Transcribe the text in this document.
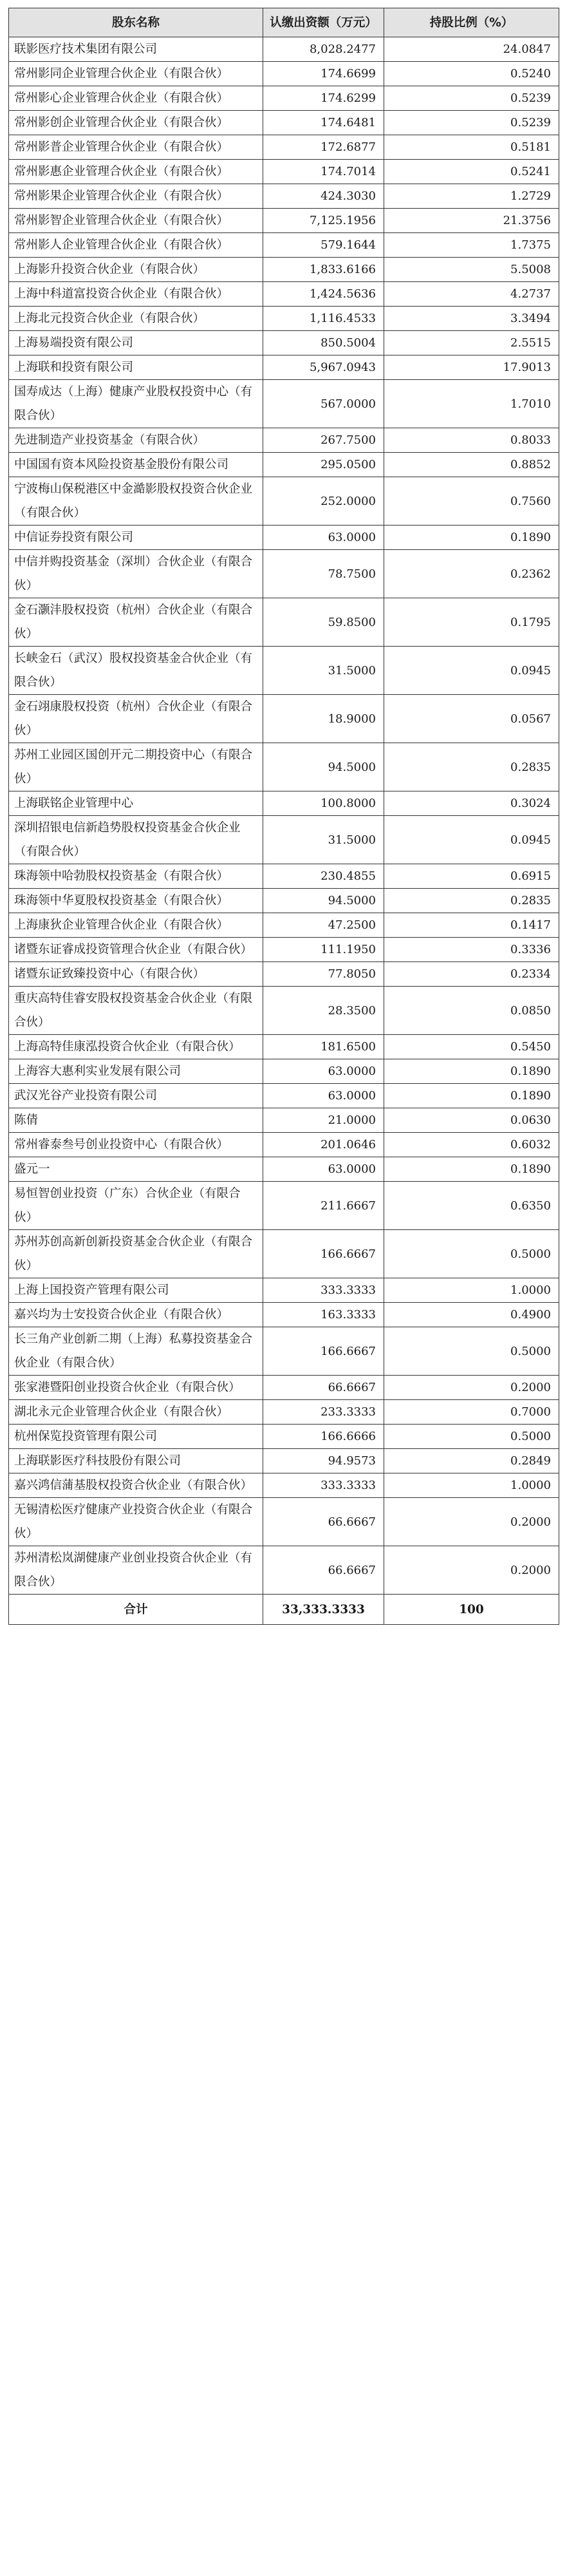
股东名称	认缴出资额（万元）	持股比例（%）
联影医疗技术集团有限公司	8,028.2477	24.0847
常州影同企业管理合伙企业（有限合伙）	174.6699	0.5240
常州影心企业管理合伙企业（有限合伙）	174.6299	0.5239
常州影创企业管理合伙企业（有限合伙）	174.6481	0.5239
常州影普企业管理合伙企业（有限合伙）	172.6877	0.5181
常州影惠企业管理合伙企业（有限合伙）	174.7014	0.5241
常州影果企业管理合伙企业（有限合伙）	424.3030	1.2729
常州影智企业管理合伙企业（有限合伙）	7,125.1956	21.3756
常州影人企业管理合伙企业（有限合伙）	579.1644	1.7375
上海影升投资合伙企业（有限合伙）	1,833.6166	5.5008
上海中科道富投资合伙企业（有限合伙）	1,424.5636	4.2737
上海北元投资合伙企业（有限合伙）	1,116.4533	3.3494
上海易端投资有限公司	850.5004	2.5515
上海联和投资有限公司	5,967.0943	17.9013
国寿成达（上海）健康产业股权投资中心（有限合伙）	567.0000	1.7010
先进制造产业投资基金（有限合伙）	267.7500	0.8033
中国国有资本风险投资基金股份有限公司	295.0500	0.8852
宁波梅山保税港区中金澔影股权投资合伙企业（有限合伙）	252.0000	0.7560
中信证券投资有限公司	63.0000	0.1890
中信并购投资基金（深圳）合伙企业（有限合伙）	78.7500	0.2362
金石灏沣股权投资（杭州）合伙企业（有限合伙）	59.8500	0.1795
长峡金石（武汉）股权投资基金合伙企业（有限合伙）	31.5000	0.0945
金石翊康股权投资（杭州）合伙企业（有限合伙）	18.9000	0.0567
苏州工业园区国创开元二期投资中心（有限合伙）	94.5000	0.2835
上海联铭企业管理中心	100.8000	0.3024
深圳招银电信新趋势股权投资基金合伙企业（有限合伙）	31.5000	0.0945
珠海领中哈勃股权投资基金（有限合伙）	230.4855	0.6915
珠海领中华夏股权投资基金（有限合伙）	94.5000	0.2835
上海康狄企业管理合伙企业（有限合伙）	47.2500	0.1417
诸暨东证睿成投资管理合伙企业（有限合伙）	111.1950	0.3336
诸暨东证致臻投资中心（有限合伙）	77.8050	0.2334
重庆高特佳睿安股权投资基金合伙企业（有限合伙）	28.3500	0.0850
上海高特佳康泓投资合伙企业（有限合伙）	181.6500	0.5450
上海容大惠利实业发展有限公司	63.0000	0.1890
武汉光谷产业投资有限公司	63.0000	0.1890
陈倩	21.0000	0.0630
常州睿泰叁号创业投资中心（有限合伙）	201.0646	0.6032
盛元一	63.0000	0.1890
易恒智创业投资（广东）合伙企业（有限合伙）	211.6667	0.6350
苏州苏创高新创新投资基金合伙企业（有限合伙）	166.6667	0.5000
上海上国投资产管理有限公司	333.3333	1.0000
嘉兴均为士安投资合伙企业（有限合伙）	163.3333	0.4900
长三角产业创新二期（上海）私募投资基金合伙企业（有限合伙）	166.6667	0.5000
张家港暨阳创业投资合伙企业（有限合伙）	66.6667	0.2000
湖北永元企业管理合伙企业（有限合伙）	233.3333	0.7000
杭州保览投资管理有限公司	166.6666	0.5000
上海联影医疗科技股份有限公司	94.9573	0.2849
嘉兴鸿信蒲基股权投资合伙企业（有限合伙）	333.3333	1.0000
无锡清松医疗健康产业投资合伙企业（有限合伙）	66.6667	0.2000
苏州清松岚湖健康产业创业投资合伙企业（有限合伙）	66.6667	0.2000
合计	33,333.3333	100
